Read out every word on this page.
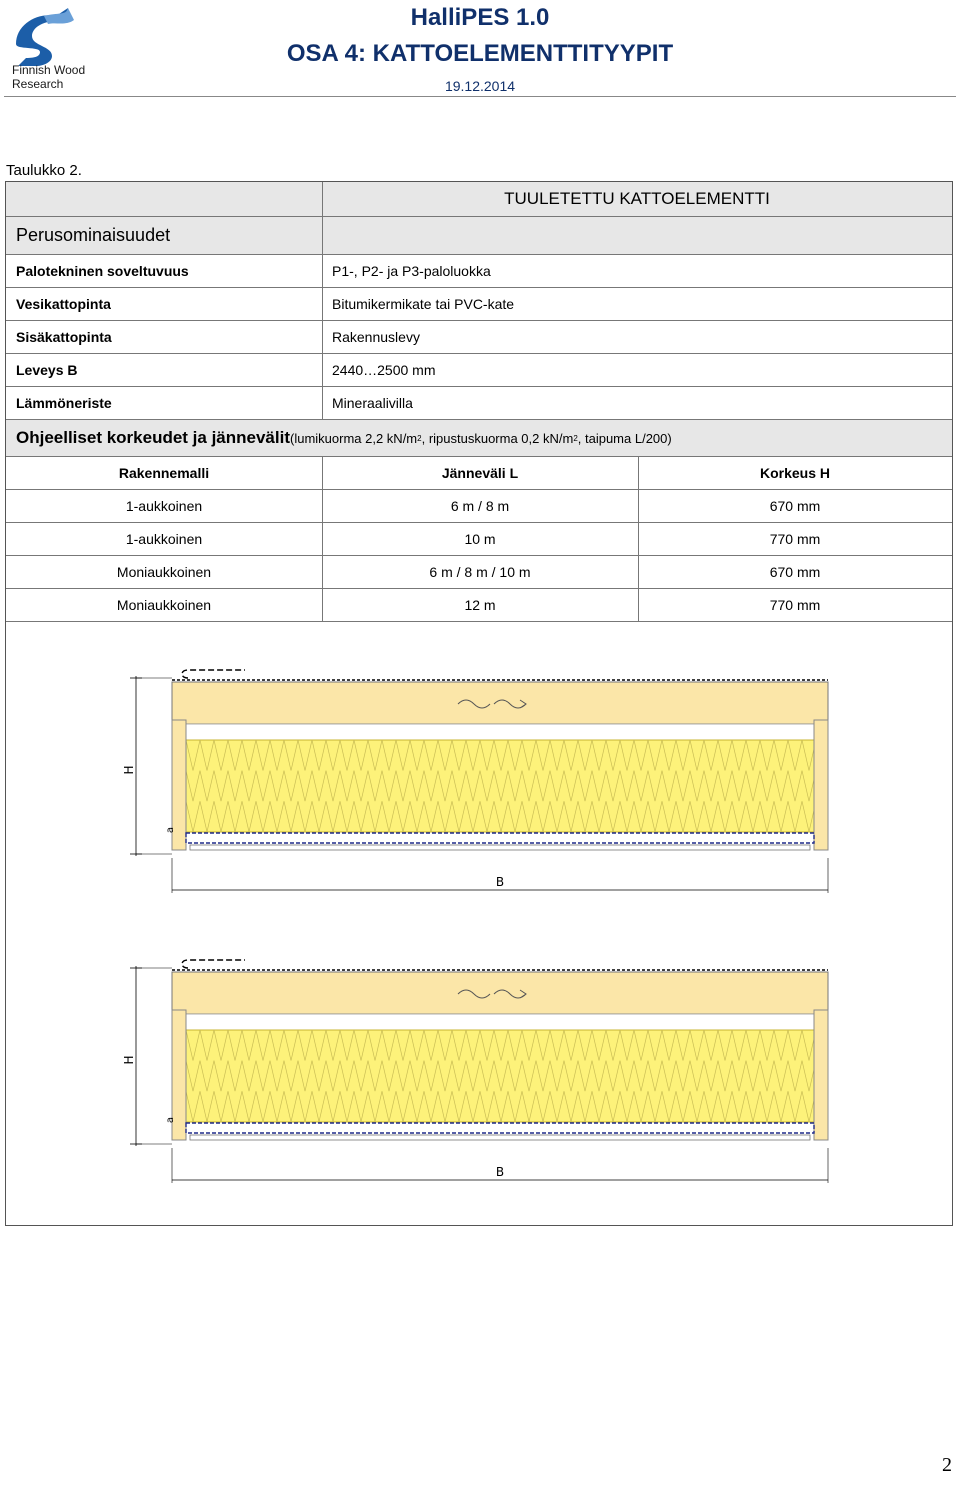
Finnish Wood
Research
HalliPES 1.0
OSA 4: KATTOELEMENTTITYYPIT
19.12.2014
Taulukko 2.
TUULETETTU KATTOELEMENTTI
Perusominaisuudet
Palotekninen soveltuvuus	P1-, P2- ja P3-paloluokka
Vesikattopinta	Bitumikermikate tai PVC-kate
Sisäkattopinta	Rakennuslevy
Leveys B	2440…2500 mm
Lämmöneriste	Mineraalivilla
Ohjeelliset korkeudet ja jännevälit (lumikuorma 2,2 kN/m 2 , ripustuskuorma 0,2 kN/m 2 , taipuma L/200)
Rakennemalli	Jänneväli L	Korkeus H
1-aukkoinen	6 m / 8 m	670 mm
1-aukkoinen	10 m	770 mm
Moniaukkoinen	6 m / 8 m / 10 m	670 mm
Moniaukkoinen	12 m	770 mm
H
a
B
H
a
B
2
